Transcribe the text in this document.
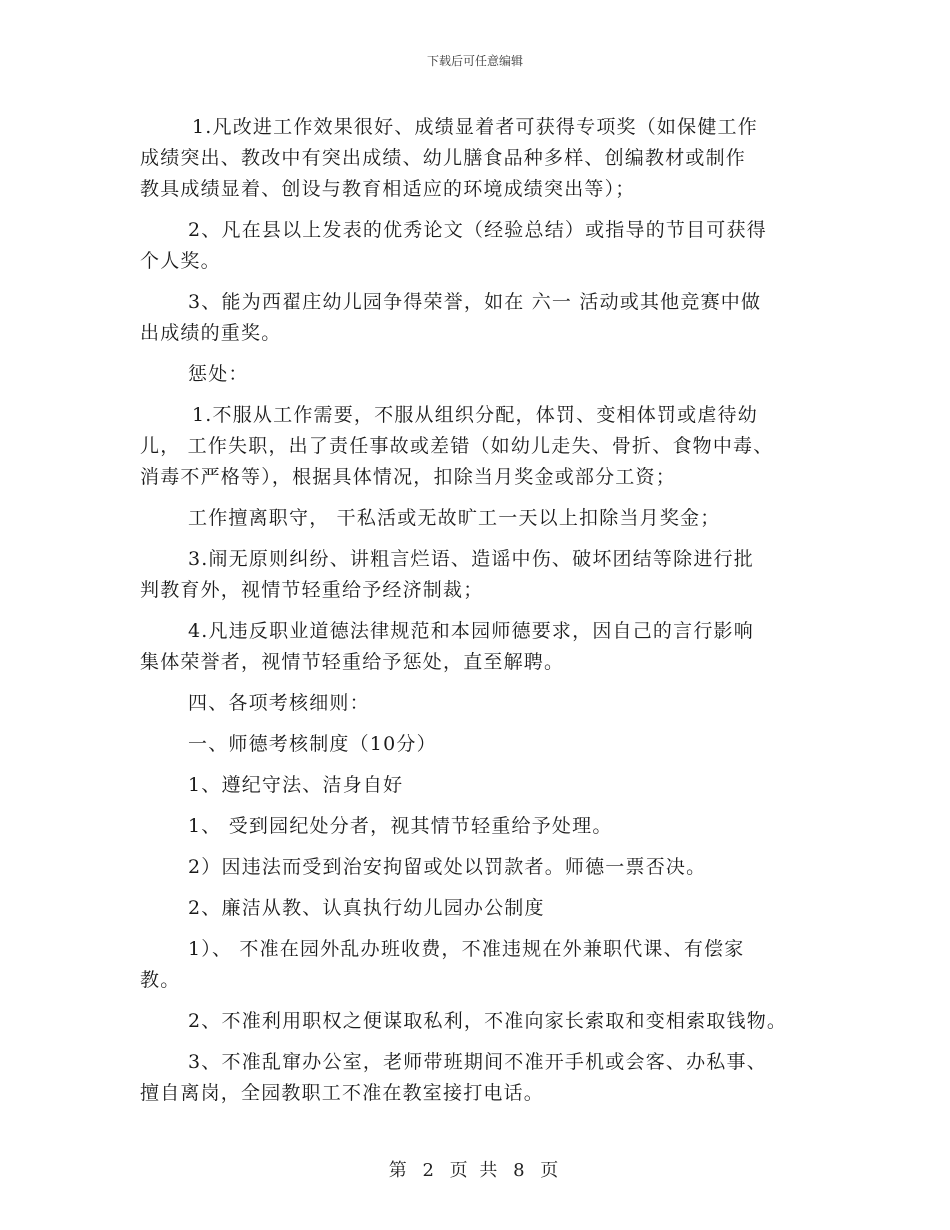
下载后可任意编辑
1.凡改进工作效果很好、成绩显着者可获得专项奖（如保健工作
成绩突出、教改中有突出成绩、幼儿膳食品种多样、创编教材或制作
教具成绩显着、创设与教育相适应的环境成绩突出等）；
2、凡在县以上发表的优秀论文（经验总结）或指导的节目可获得
个人奖。
3、能为西翟庄幼儿园争得荣誉，如在 六一 活动或其他竞赛中做
出成绩的重奖。
惩处：
1.不服从工作需要，不服从组织分配，体罚、变相体罚或虐待幼
儿， 工作失职，出了责任事故或差错（如幼儿走失、骨折、食物中毒、
消毒不严格等），根据具体情况，扣除当月奖金或部分工资；
工作擅离职守， 干私活或无故旷工一天以上扣除当月奖金；
3.闹无原则纠纷、讲粗言烂语、造谣中伤、破坏团结等除进行批
判教育外，视情节轻重给予经济制裁；
4.凡违反职业道德法律规范和本园师德要求，因自己的言行影响
集体荣誉者，视情节轻重给予惩处，直至解聘。
四、各项考核细则：
一、师德考核制度（10分）
1、遵纪守法、洁身自好
1、 受到园纪处分者，视其情节轻重给予处理。
2）因违法而受到治安拘留或处以罚款者。师德一票否决。
2、廉洁从教、认真执行幼儿园办公制度
1）、 不准在园外乱办班收费，不准违规在外兼职代课、有偿家
教。
2、不准利用职权之便谋取私利，不准向家长索取和变相索取钱物。
3、不准乱窜办公室，老师带班期间不准开手机或会客、办私事、
擅自离岗，全园教职工不准在教室接打电话。
第 2 页 共 8 页
